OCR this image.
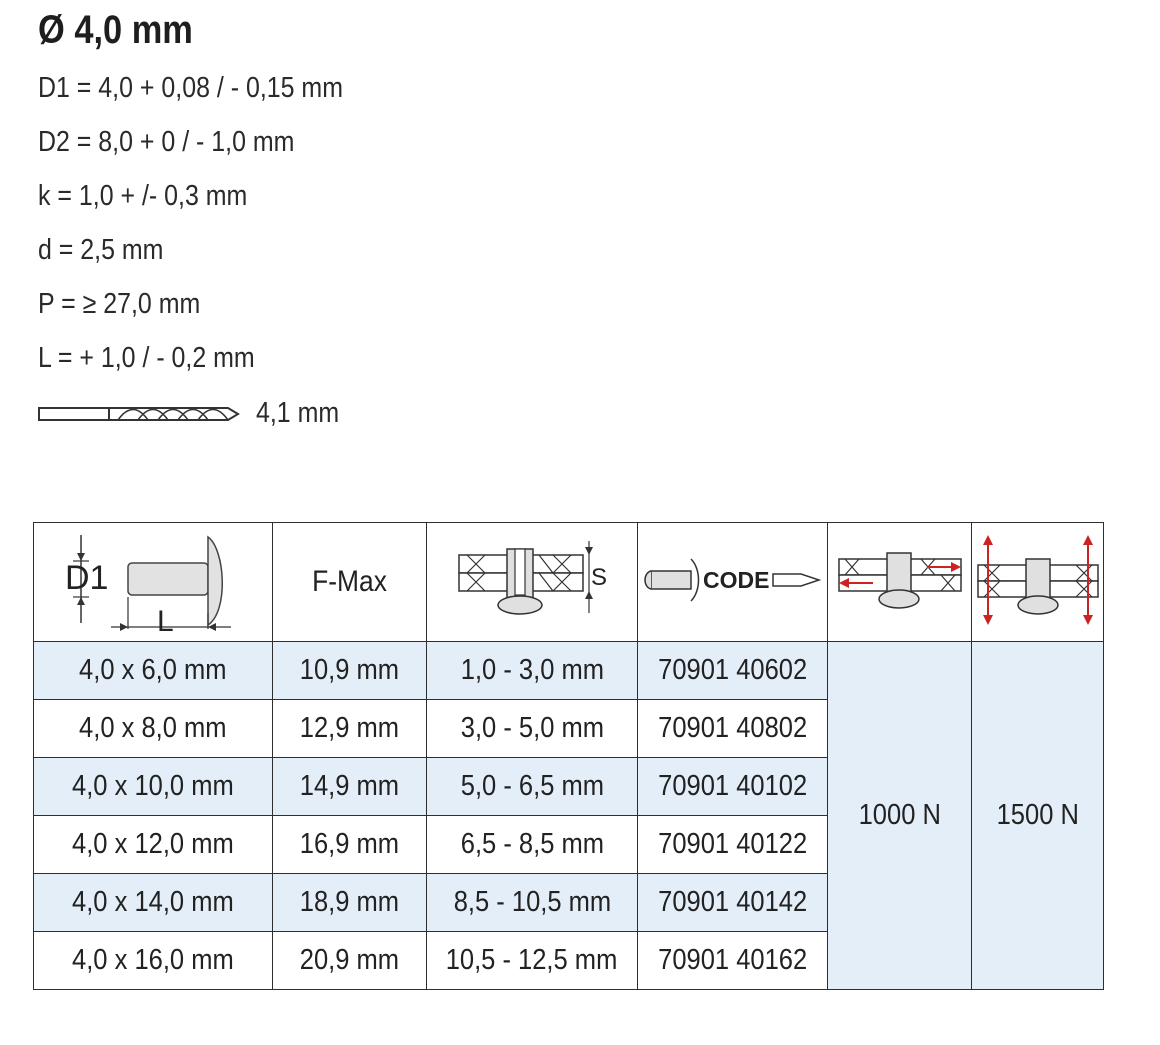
Ø 4,0 mm
D1 = 4,0 + 0,08 / - 0,15 mm
D2 = 8,0 + 0 / - 1,0 mm
k = 1,0 + /- 0,3 mm
d = 2,5 mm
P = ≥ 27,0 mm
L = + 1,0 / - 0,2 mm
4,1 mm
D1
L	F-Max	S	CODE

4,0 x 6,0 mm	10,9 mm	1,0 - 3,0 mm	70901 40602	1000 N	1500 N
4,0 x 8,0 mm	12,9 mm	3,0 - 5,0 mm	70901 40802		
4,0 x 10,0 mm	14,9 mm	5,0 - 6,5 mm	70901 40102		
4,0 x 12,0 mm	16,9 mm	6,5 - 8,5 mm	70901 40122		
4,0 x 14,0 mm	18,9 mm	8,5 - 10,5 mm	70901 40142		
4,0 x 16,0 mm	20,9 mm	10,5 - 12,5 mm	70901 40162		
